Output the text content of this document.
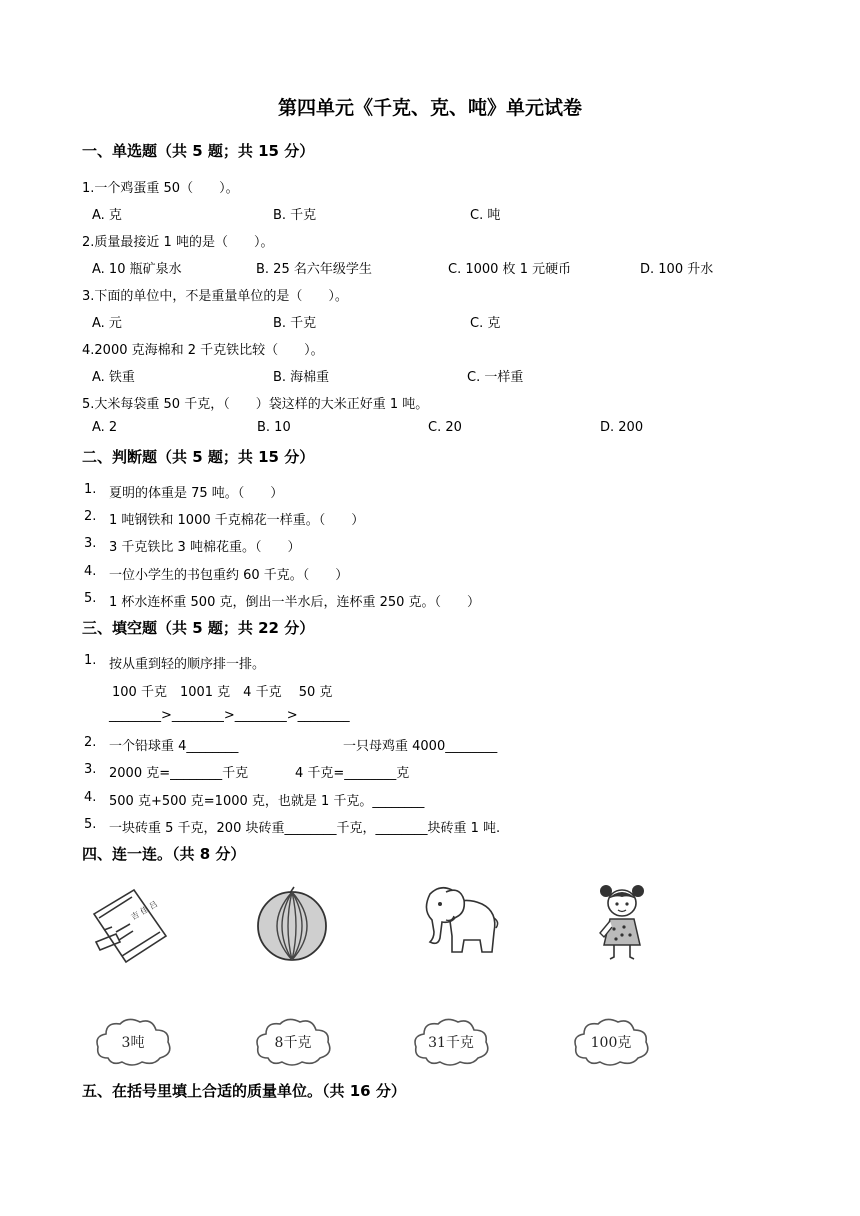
第四单元《千克、克、吨》单元试卷
一、单选题（共 5 题；共 15 分）
1.一个鸡蛋重 50（　　）。
A. 克	B. 千克	C. 吨
2.质量最接近 1 吨的是（　　）。
A. 10 瓶矿泉水	B. 25 名六年级学生	C. 1000 枚 1 元硬币	D. 100 升水
3.下面的单位中，不是重量单位的是（　　）。
A. 元	B. 千克	C. 克
4.2000 克海棉和 2 千克铁比较（　　）。
A. 铁重	B. 海棉重	C. 一样重
5.大米每袋重 50 千克，（　　）袋这样的大米正好重 1 吨。
A. 2	B. 10	C. 20	D. 200
二、判断题（共 5 题；共 15 分）
1. 夏明的体重是 75 吨。（　　）
2. 1 吨钢铁和 1000 千克棉花一样重。（　　）
3. 3 千克铁比 3 吨棉花重。（　　）
4. 一位小学生的书包重约 60 千克。（　　）
5. 1 杯水连杯重 500 克，倒出一半水后，连杯重 250 克。（　　）
三、填空题（共 5 题；共 22 分）
1. 按从重到轻的顺序排一排。
100 千克　1001 克　4 千克　 50 克
________>________>________>________
2. 一个铅球重 4________	一只母鸡重 4000________
3. 2000 克=________千克	4 千克=________克
4. 500 克+500 克=1000 克，也就是 1 千克。________
5. 一块砖重 5 千克，200 块砖重________千克，________块砖重 1 吨.
四、连一连。（共 8 分）
吉 佳 吕
3吨	8千克	31千克	100克
五、在括号里填上合适的质量单位。（共 16 分）
